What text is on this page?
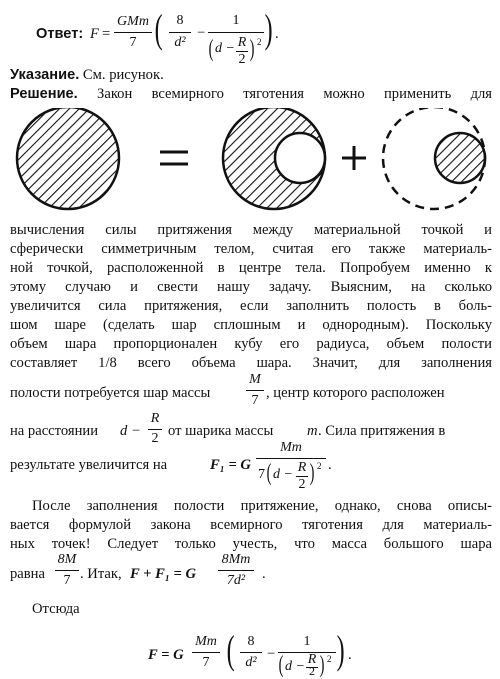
Ответ: F =
GMm
7 ( 8
d²
−
1
( d − R
2 ) 2 ) .
Указание. См. рисунок.
Решение. Закон всемирного тяготения можно применить для
вычисления силы притяжения между материальной точкой и
сферически симметричным телом, считая его также материаль-
ной точкой, расположенной в центре тела. Попробуем именно к
этому случаю и свести нашу задачу. Выясним, на сколько
увеличится сила притяжения, если заполнить полость в боль-
шом шаре (сделать шар сплошным и однородным). Поскольку
объем шара пропорционален кубу его радиуса, объем полости
составляет 1/8 всего объема шара. Значит, для заполнения
полости потребуется шар массы
M
7 , центр которого расположен
на расстоянии d −
R
2 от шарика массы m . Сила притяжения в
результате увеличится на	F₁ = G
Mm
7 ( d − R
2 ) 2 .
После заполнения полости притяжение, однако, снова описы-
вается формулой закона всемирного тяготения для материаль-
ных точек! Следует только учесть, что масса большого шара
равна
8M
7 . Итак, F + F₁ = G
8Mm
7d²	.
Отсюда
F = G
Mm
7 ( 8
d²
−
1
( d − R
2 ) 2 ) .
